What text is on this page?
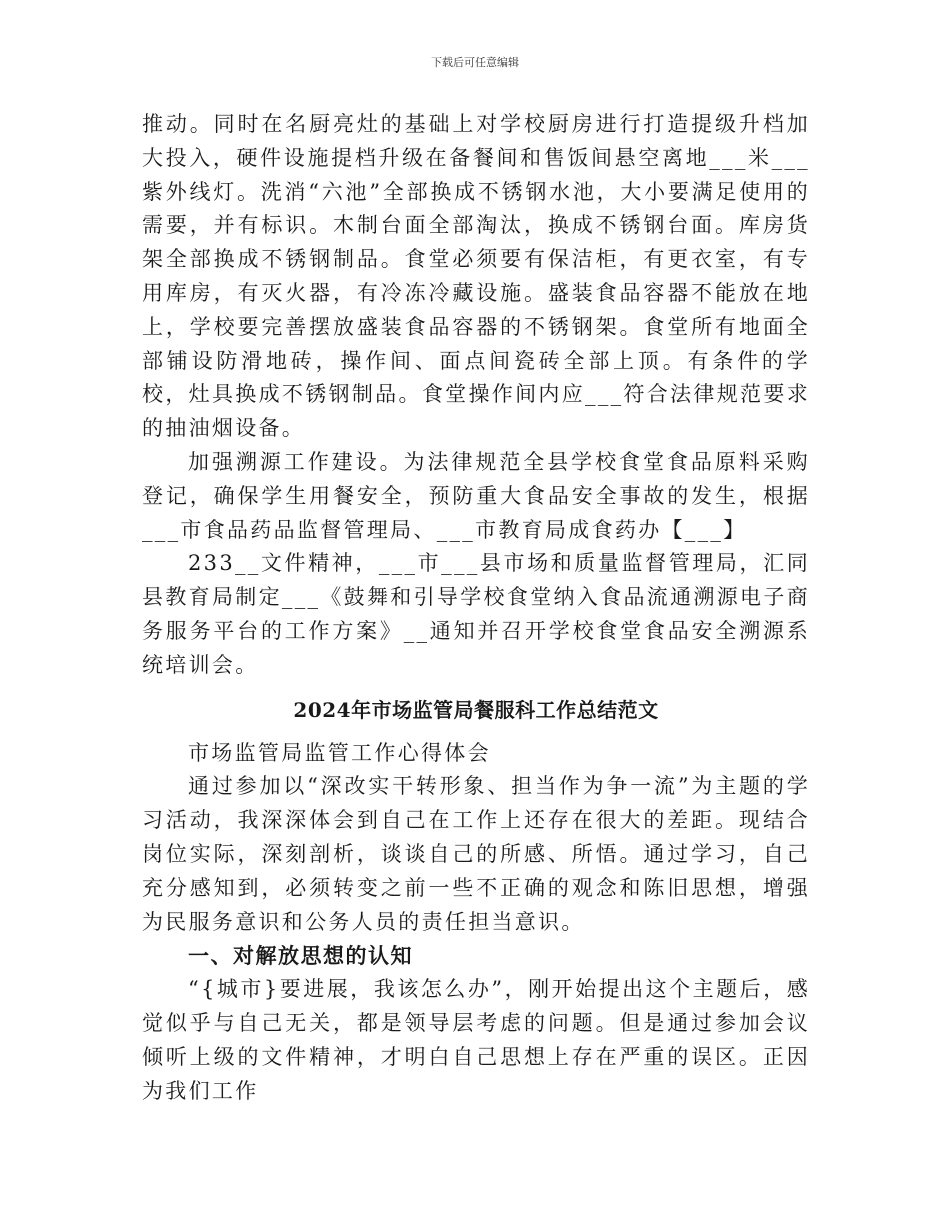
下载后可任意编辑

推动。同时在名厨亮灶的基础上对学校厨房进行打造提级升档加大投入，硬件设施提档升级在备餐间和售饭间悬空离地___米___紫外线灯。洗消“六池”全部换成不锈钢水池，大小要满足使用的需要，并有标识。木制台面全部淘汰，换成不锈钢台面。库房货架全部换成不锈钢制品。食堂必须要有保洁柜，有更衣室，有专用库房，有灭火器，有冷冻冷藏设施。盛装食品容器不能放在地上，学校要完善摆放盛装食品容器的不锈钢架。食堂所有地面全部铺设防滑地砖，操作间、面点间瓷砖全部上顶。有条件的学校，灶具换成不锈钢制品。食堂操作间内应___符合法律规范要求的抽油烟设备。

加强溯源工作建设。为法律规范全县学校食堂食品原料采购登记，确保学生用餐安全，预防重大食品安全事故的发生，根据___市食品药品监督管理局、___市教育局成食药办【___】

233__文件精神，___市___县市场和质量监督管理局，汇同县教育局制定___《鼓舞和引导学校食堂纳入食品流通溯源电子商务服务平台的工作方案》__通知并召开学校食堂食品安全溯源系统培训会。

2024年市场监管局餐服科工作总结范文

市场监管局监管工作心得体会

通过参加以“深改实干转形象、担当作为争一流”为主题的学习活动，我深深体会到自己在工作上还存在很大的差距。现结合岗位实际，深刻剖析，谈谈自己的所感、所悟。通过学习，自己充分感知到，必须转变之前一些不正确的观念和陈旧思想，增强为民服务意识和公务人员的责任担当意识。

一、对解放思想的认知

“{城市}要进展，我该怎么办”，刚开始提出这个主题后，感觉似乎与自己无关，都是领导层考虑的问题。但是通过参加会议倾听上级的文件精神，才明白自己思想上存在严重的误区。正因为我们工作
